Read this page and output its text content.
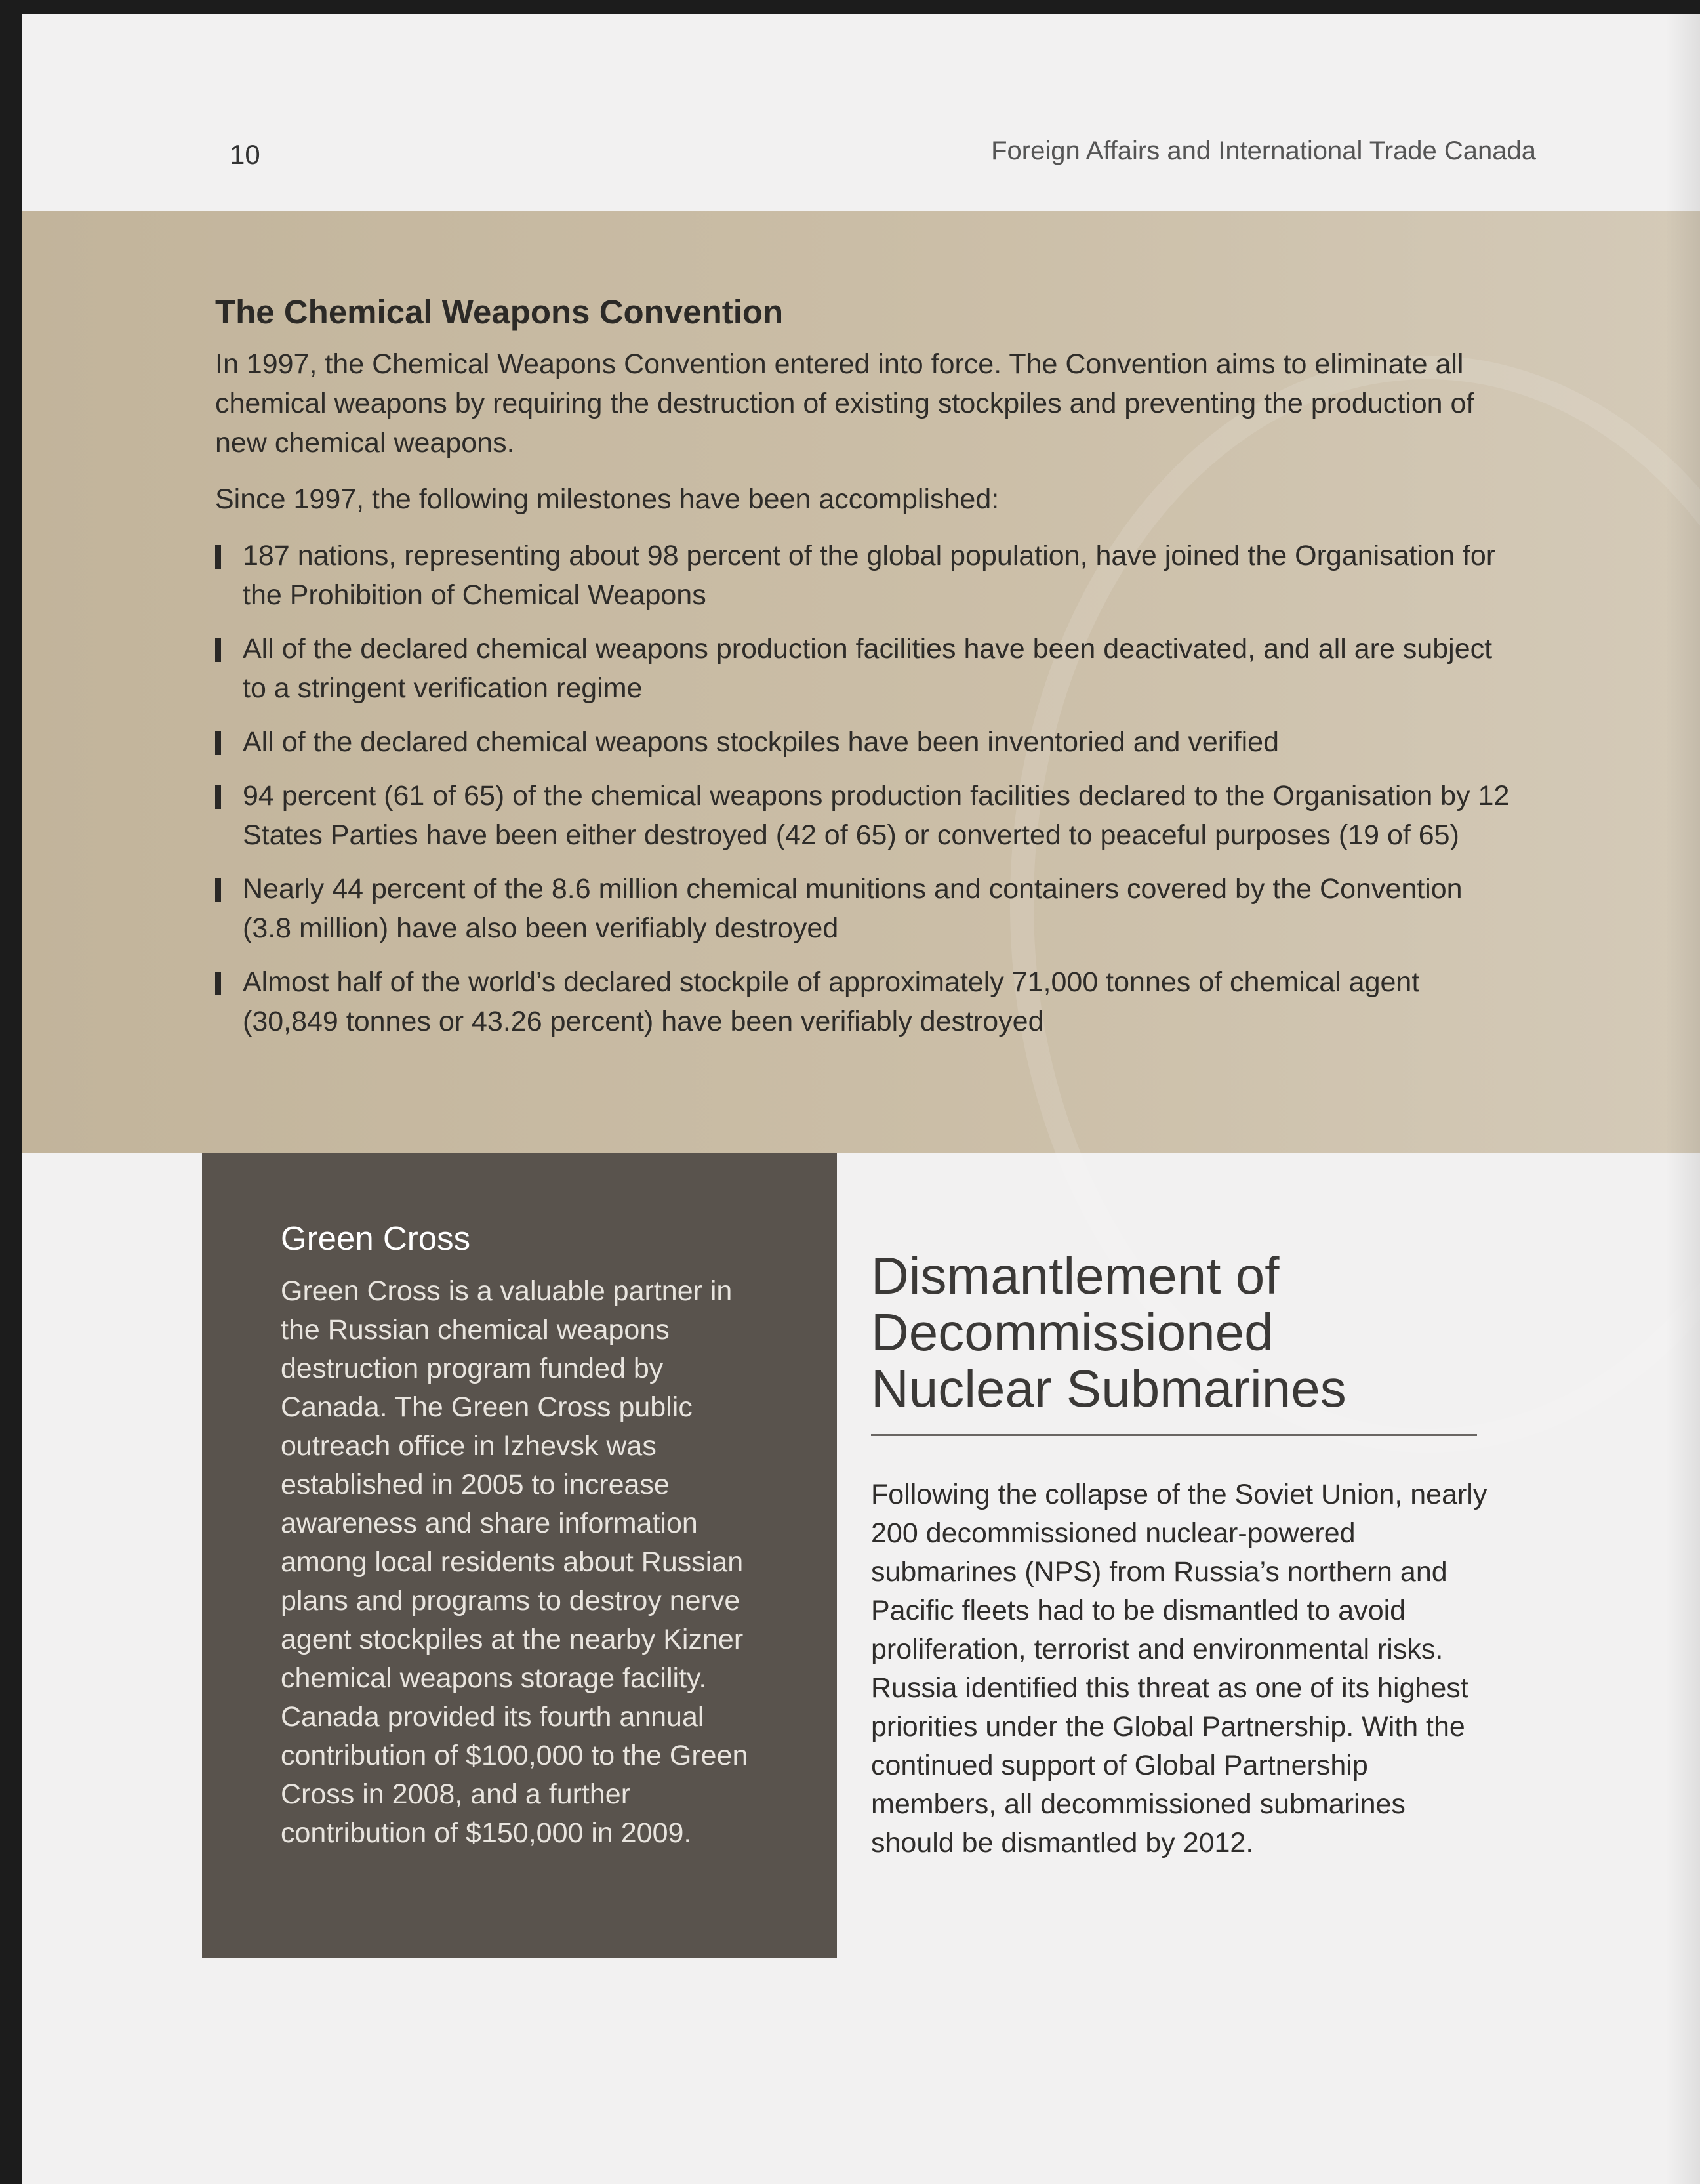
10	Foreign Affairs and International Trade Canada
The Chemical Weapons Convention

In 1997, the Chemical Weapons Convention entered into force. The Convention aims to eliminate all chemical weapons by requiring the destruction of existing stockpiles and preventing the production of new chemical weapons.

Since 1997, the following milestones have been accomplished:

187 nations, representing about 98 percent of the global population, have joined the Organisation for the Prohibition of Chemical Weapons
All of the declared chemical weapons production facilities have been deactivated, and all are subject to a stringent verification regime
All of the declared chemical weapons stockpiles have been inventoried and verified
94 percent (61 of 65) of the chemical weapons production facilities declared to the Organisation by 12 States Parties have been either destroyed (42 of 65) or converted to peaceful purposes (19 of 65)
Nearly 44 percent of the 8.6 million chemical munitions and containers covered by the Convention (3.8 million) have also been verifiably destroyed
Almost half of the world’s declared stockpile of approximately 71,000 tonnes of chemical agent (30,849 tonnes or 43.26 percent) have been verifiably destroyed
Green Cross

Green Cross is a valuable partner in the Russian chemical weapons destruction program funded by Canada. The Green Cross public outreach office in Izhevsk was established in 2005 to increase awareness and share information among local residents about Russian plans and programs to destroy nerve agent stockpiles at the nearby Kizner chemical weapons storage facility. Canada provided its fourth annual contribution of $100,000 to the Green Cross in 2008, and a further contribution of $150,000 in 2009.

Dismantlement of
Decommissioned
Nuclear Submarines

Following the collapse of the Soviet Union, nearly 200 decommissioned nuclear-powered submarines (NPS) from Russia’s northern and Pacific fleets had to be dismantled to avoid proliferation, terrorist and environmental risks. Russia identified this threat as one of its highest priorities under the Global Partnership. With the continued support of Global Partnership members, all decommissioned submarines should be dismantled by 2012.
